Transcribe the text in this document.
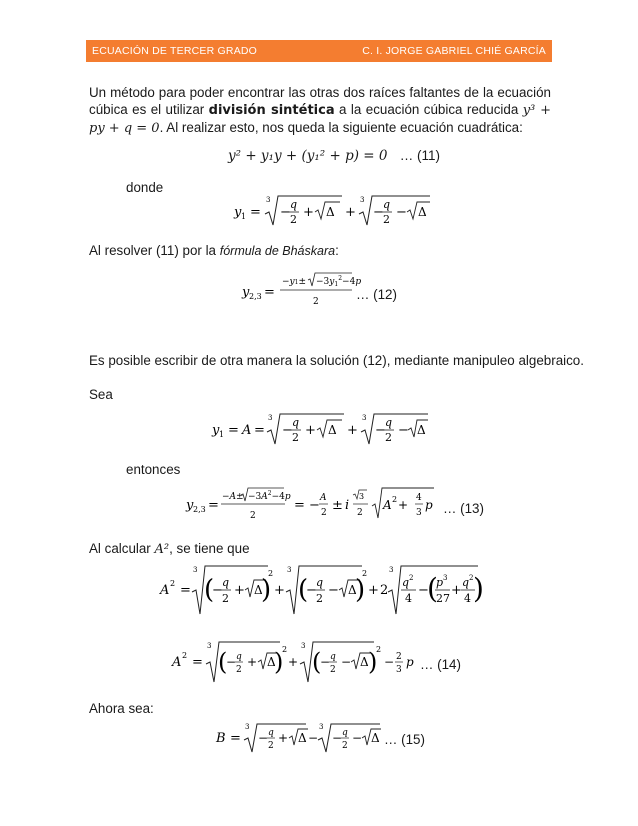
ECUACIÓN DE TERCER GRADO	C. I. JORGE GABRIEL CHIÉ GARCÍA
Un método para poder encontrar las otras dos raíces faltantes de la ecuación cúbica es el utilizar división sintética a la ecuación cúbica reducida y³ + py + q = 0. Al realizar esto, nos queda la siguiente ecuación cuadrática:
y² + y₁y + (y₁² + p) = 0 … (11)
donde
y 1 =
3
−
q
2 + Δ +
3
−
q
2 − Δ
Al resolver (11) por la fórmula de Bháskara:
y 2,3 =
$-y1\pm -3y_1^2-4p$
2	… (12)
Es posible escribir de otra manera la solución (12), mediante manipuleo algebraico.
Sea
y 1 = A =
3
−
q
2 + Δ +
3
−
q
2 − Δ
entonces
y 2,3 =
$-A\pm -3A^2-4p$
2
= − A
2 ± i
3
2
A 2 + 4
3
p … (13)
Al calcular A², se tiene que
A 2 =
3
(
−
q
2
+ Δ
)
2
+
3
(
−
q
2
− Δ
)
2
+ 2
3
q 2
4
−
(
p 3
27
+
q 2
4 )
A 2 =
3
(
− q
2
+ Δ
)
2
+
3
(
− q
2
− Δ )
2
− 2
3
p … (14)
Ahora sea:
B =
3
− q
2
+ Δ −
3
− q
2
− Δ … (15)
